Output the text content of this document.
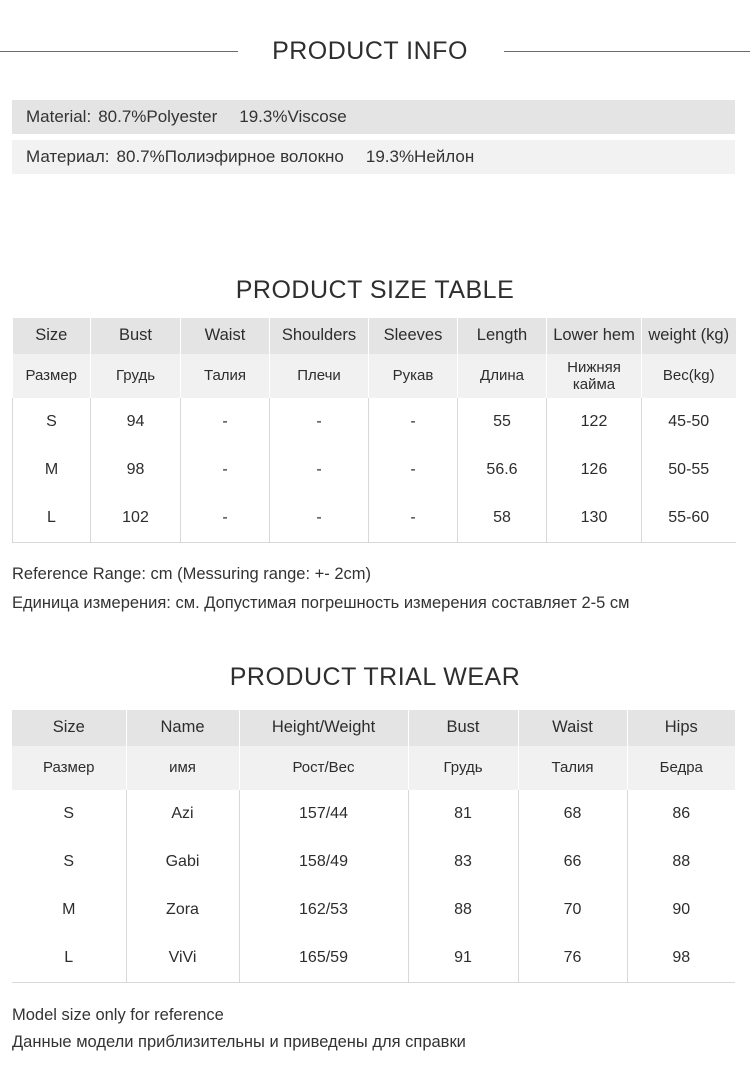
PRODUCT INFO
Material: 80.7%Polyester 19.3%Viscose
Материал: 80.7%Полиэфирное волокно 19.3%Нейлон
PRODUCT SIZE TABLE
Size	Bust	Waist	Shoulders	Sleeves	Length	Lower hem	weight (kg)
Размер	Грудь	Талия	Плечи	Рукав	Длина	Нижняя кайма	Вес(kg)
S	94	-	-	-	55	122	45-50
M	98	-	-	-	56.6	126	50-55
L	102	-	-	-	58	130	55-60
Reference Range: cm (Messuring range: +- 2cm)
Единица измерения: см. Допустимая погрешность измерения составляет 2-5 см
PRODUCT TRIAL WEAR
Size	Name	Height/Weight	Bust	Waist	Hips
Размер	имя	Рост/Вес	Грудь	Талия	Бедра
S	Azi	157/44	81	68	86
S	Gabi	158/49	83	66	88
M	Zora	162/53	88	70	90
L	ViVi	165/59	91	76	98
Model size only for reference
Данные модели приблизительны и приведены для справки
